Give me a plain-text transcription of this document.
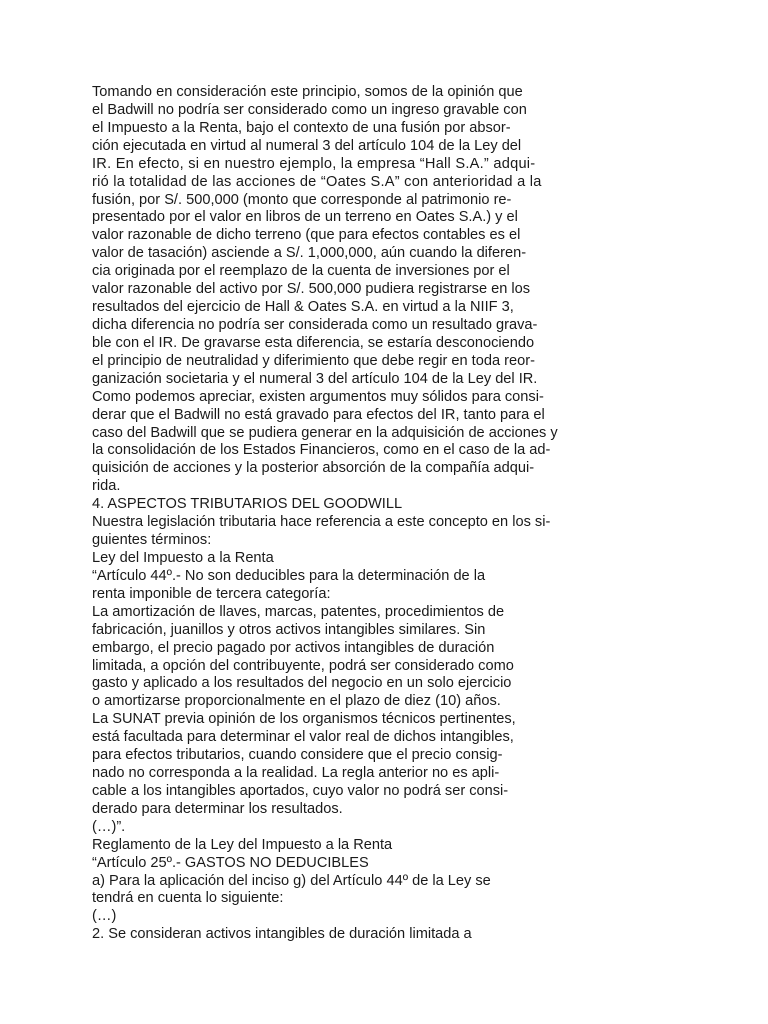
Tomando en consideración este principio, somos de la opinión que
el Badwill no podría ser considerado como un ingreso gravable con
el Impuesto a la Renta, bajo el contexto de una fusión por absor-
ción ejecutada en virtud al numeral 3 del artículo 104 de la Ley del
IR. En efecto, si en nuestro ejemplo, la empresa “Hall S.A.” adqui-
rió la totalidad de las acciones de “Oates S.A” con anterioridad a la
fusión, por S/. 500,000 (monto que corresponde al patrimonio re-
presentado por el valor en libros de un terreno en Oates S.A.) y el
valor razonable de dicho terreno (que para efectos contables es el
valor de tasación) asciende a S/. 1,000,000, aún cuando la diferen-
cia originada por el reemplazo de la cuenta de inversiones por el
valor razonable del activo por S/. 500,000 pudiera registrarse en los
resultados del ejercicio de Hall & Oates S.A. en virtud a la NIIF 3,
dicha diferencia no podría ser considerada como un resultado grava-
ble con el IR. De gravarse esta diferencia, se estaría desconociendo
el principio de neutralidad y diferimiento que debe regir en toda reor-
ganización societaria y el numeral 3 del artículo 104 de la Ley del IR.
Como podemos apreciar, existen argumentos muy sólidos para consi-
derar que el Badwill no está gravado para efectos del IR, tanto para el
caso del Badwill que se pudiera generar en la adquisición de acciones y
la consolidación de los Estados Financieros, como en el caso de la ad-
quisición de acciones y la posterior absorción de la compañía adqui-
rida.
4. ASPECTOS TRIBUTARIOS DEL GOODWILL
Nuestra legislación tributaria hace referencia a este concepto en los si-
guientes términos:
Ley del Impuesto a la Renta
“Artículo 44º.- No son deducibles para la determinación de la
renta imponible de tercera categoría:
La amortización de llaves, marcas, patentes, procedimientos de
fabricación, juanillos y otros activos intangibles similares. Sin
embargo, el precio pagado por activos intangibles de duración
limitada, a opción del contribuyente, podrá ser considerado como
gasto y aplicado a los resultados del negocio en un solo ejercicio
o amortizarse proporcionalmente en el plazo de diez (10) años.
La SUNAT previa opinión de los organismos técnicos pertinentes,
está facultada para determinar el valor real de dichos intangibles,
para efectos tributarios, cuando considere que el precio consig-
nado no corresponda a la realidad. La regla anterior no es apli-
cable a los intangibles aportados, cuyo valor no podrá ser consi-
derado para determinar los resultados.
(…)”.
Reglamento de la Ley del Impuesto a la Renta
“Artículo 25º.- GASTOS NO DEDUCIBLES
a) Para la aplicación del inciso g) del Artículo 44º de la Ley se
tendrá en cuenta lo siguiente:
(…)
2. Se consideran activos intangibles de duración limitada a
